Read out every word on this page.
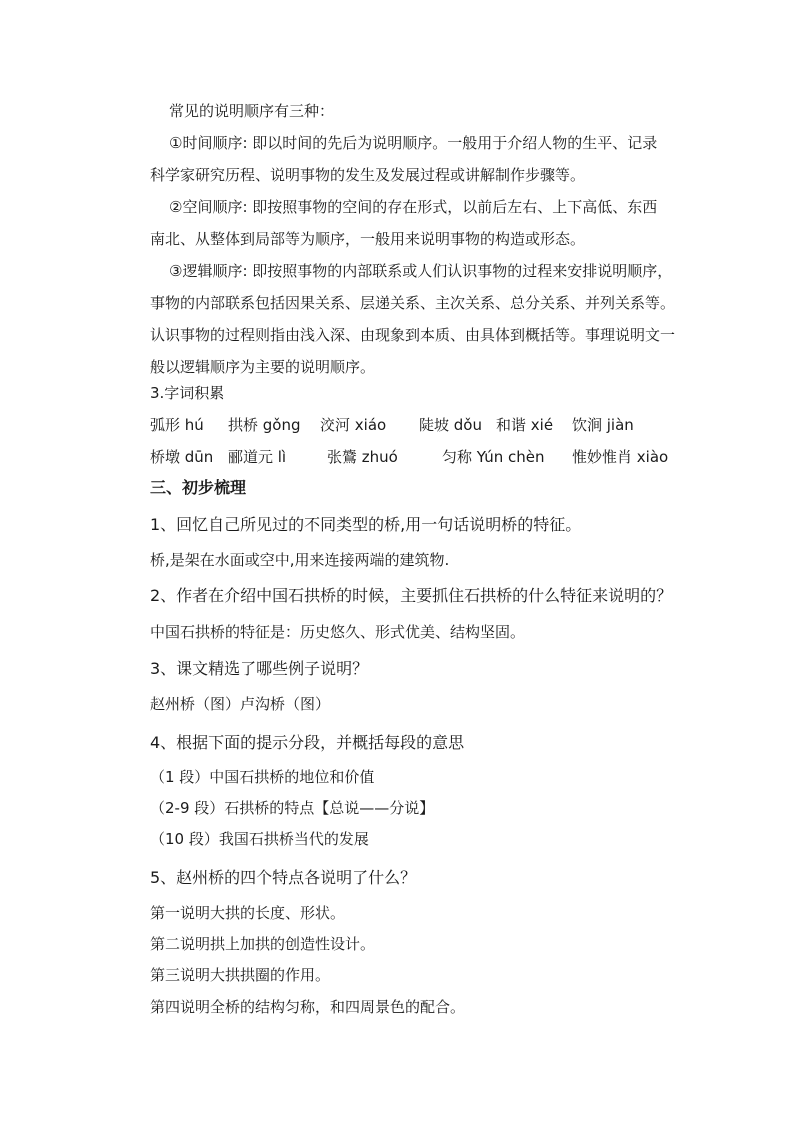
常见的说明顺序有三种：
①时间顺序: 即以时间的先后为说明顺序。一般用于介绍人物的生平、记录
科学家研究历程、说明事物的发生及发展过程或讲解制作步骤等。
②空间顺序: 即按照事物的空间的存在形式，以前后左右、上下高低、东西
南北、从整体到局部等为顺序，一般用来说明事物的构造或形态。
③逻辑顺序: 即按照事物的内部联系或人们认识事物的过程来安排说明顺序，
事物的内部联系包括因果关系、层递关系、主次关系、总分关系、并列关系等。
认识事物的过程则指由浅入深、由现象到本质、由具体到概括等。事理说明文一
般以逻辑顺序为主要的说明顺序。
3.字词积累
弧形 hú 拱桥 gǒng 洨河 xiáo 陡坡 dǒu 和谐 xié 饮涧 jiàn
桥墩 dūn 郦道元 lì	张鷟 zhuó	匀称 Yún chèn 惟妙惟肖 xiào
三、初步梳理
1、回忆自己所见过的不同类型的桥,用一句话说明桥的特征。
桥,是架在水面或空中,用来连接两端的建筑物.
2、作者在介绍中国石拱桥的时候，主要抓住石拱桥的什么特征来说明的？
中国石拱桥的特征是：历史悠久、形式优美、结构坚固。
3、课文精选了哪些例子说明？
赵州桥（图）卢沟桥（图）
4、根据下面的提示分段，并概括每段的意思
（1 段）中国石拱桥的地位和价值
（2-9 段）石拱桥的特点【总说——分说】
（10 段）我国石拱桥当代的发展
5、赵州桥的四个特点各说明了什么？
第一说明大拱的长度、形状。
第二说明拱上加拱的创造性设计。
第三说明大拱拱圈的作用。
第四说明全桥的结构匀称，和四周景色的配合。
